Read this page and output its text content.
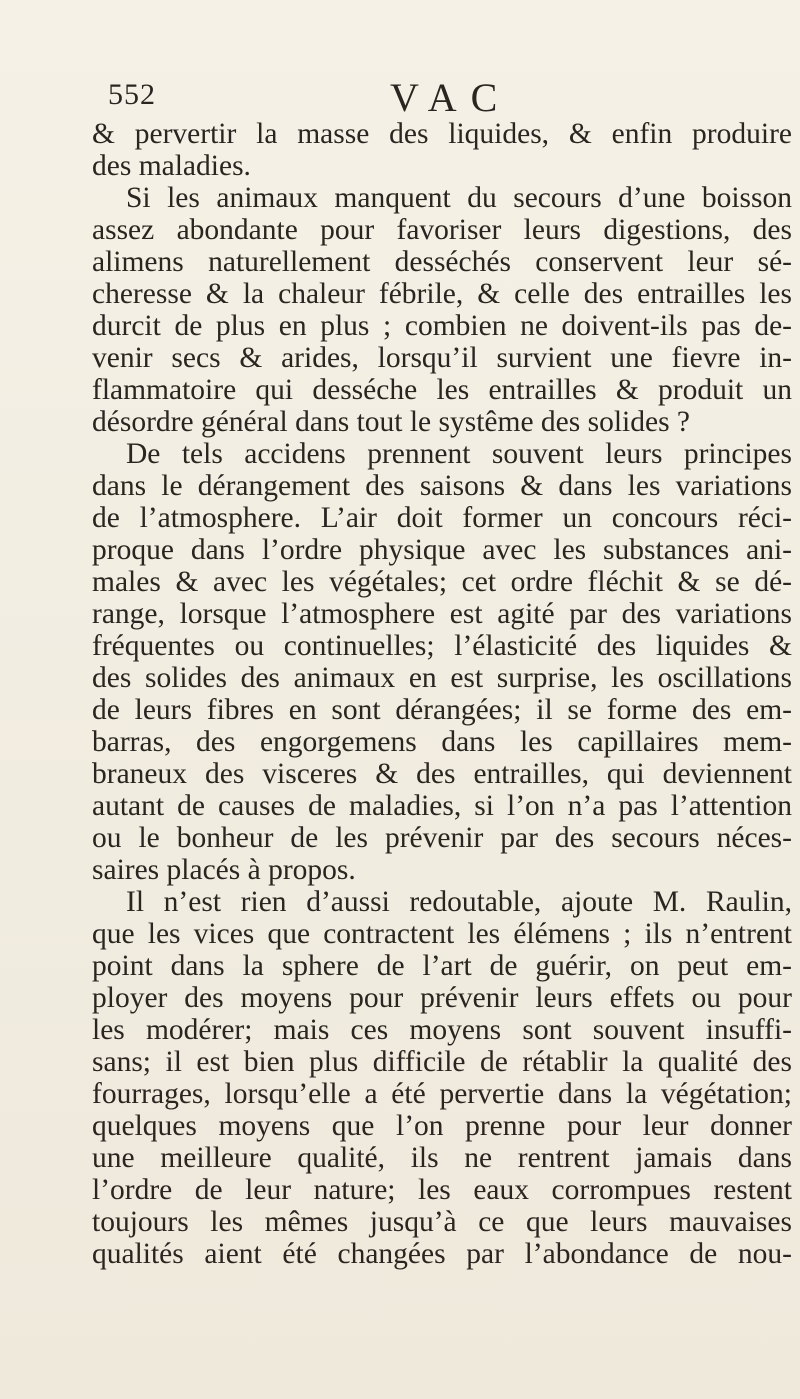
552	VAC
& pervertir la masse des liquides, & enfin produire
des maladies.
Si les animaux manquent du secours d’une boisson
assez abondante pour favoriser leurs digestions, des
alimens naturellement desséchés conservent leur sé-
cheresse & la chaleur fébrile, & celle des entrailles les
durcit de plus en plus ; combien ne doivent-ils pas de-
venir secs & arides, lorsqu’il survient une fievre in-
flammatoire qui desséche les entrailles & produit un
désordre général dans tout le systême des solides ?
De tels accidens prennent souvent leurs principes
dans le dérangement des saisons & dans les variations
de l’atmosphere. L’air doit former un concours réci-
proque dans l’ordre physique avec les substances ani-
males & avec les végétales; cet ordre fléchit & se dé-
range, lorsque l’atmosphere est agité par des variations
fréquentes ou continuelles; l’élasticité des liquides &
des solides des animaux en est surprise, les oscillations
de leurs fibres en sont dérangées; il se forme des em-
barras, des engorgemens dans les capillaires mem-
braneux des visceres & des entrailles, qui deviennent
autant de causes de maladies, si l’on n’a pas l’attention
ou le bonheur de les prévenir par des secours néces-
saires placés à propos.
Il n’est rien d’aussi redoutable, ajoute M. Raulin,
que les vices que contractent les élémens ; ils n’entrent
point dans la sphere de l’art de guérir, on peut em-
ployer des moyens pour prévenir leurs effets ou pour
les modérer; mais ces moyens sont souvent insuffi-
sans; il est bien plus difficile de rétablir la qualité des
fourrages, lorsqu’elle a été pervertie dans la végétation;
quelques moyens que l’on prenne pour leur donner
une meilleure qualité, ils ne rentrent jamais dans
l’ordre de leur nature; les eaux corrompues restent
toujours les mêmes jusqu’à ce que leurs mauvaises
qualités aient été changées par l’abondance de nou-
